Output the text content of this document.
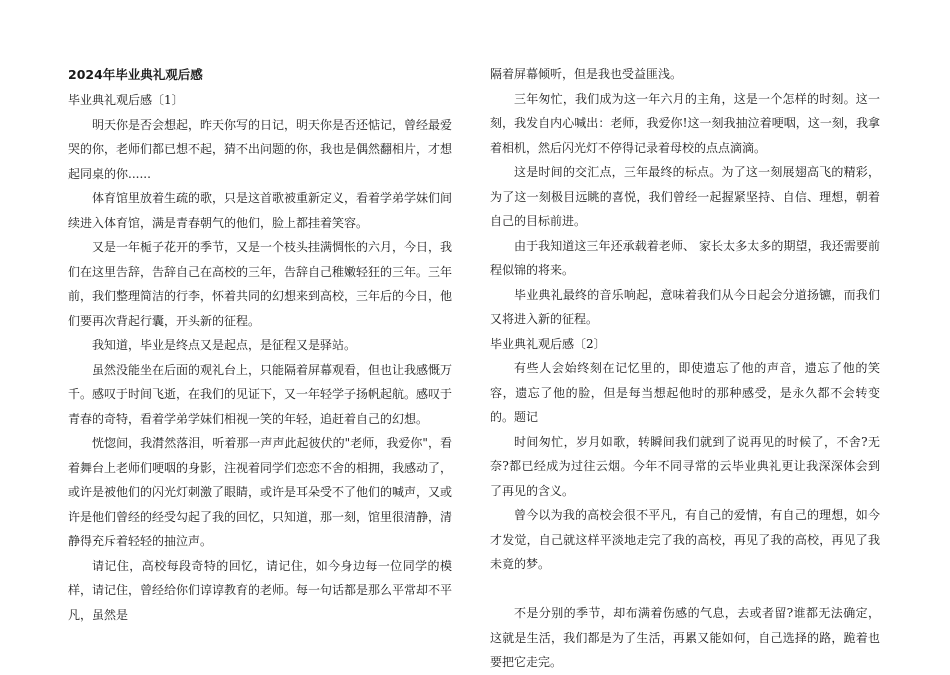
2024年毕业典礼观后感

毕业典礼观后感〔1〕

明天你是否会想起，昨天你写的日记，明天你是否还惦记，曾经最爱哭的你，老师们都已想不起，猜不出问题的你，我也是偶然翻相片，才想起同桌的你......

体育馆里放着生疏的歌，只是这首歌被重新定义，看着学弟学妹们间续进入体育馆，满是青春朝气的他们，脸上都挂着笑容。

又是一年栀子花开的季节，又是一个枝头挂满惆怅的六月，今日，我们在这里告辞，告辞自己在高校的三年，告辞自己稚嫩轻狂的三年。三年前，我们整理简洁的行李，怀着共同的幻想来到高校，三年后的今日，他们要再次背起行囊，开头新的征程。

我知道，毕业是终点又是起点，是征程又是驿站。

虽然没能坐在后面的观礼台上，只能隔着屏幕观看，但也让我感慨万千。感叹于时间飞逝，在我们的见证下，又一年轻学子扬帆起航。感叹于青春的奇特，看着学弟学妹们相视一笑的年轻，追赶着自己的幻想。

恍惚间，我潸然落泪，听着那一声声此起彼伏的"老师，我爱你"，看着舞台上老师们哽咽的身影，注视着同学们恋恋不舍的相拥，我感动了，或许是被他们的闪光灯刺激了眼睛，或许是耳朵受不了他们的喊声，又或许是他们曾经的经受勾起了我的回忆，只知道，那一刻，馆里很清静，清静得充斥着轻轻的抽泣声。

请记住，高校每段奇特的回忆，请记住，如今身边每一位同学的模样，请记住，曾经给你们谆谆教育的老师。每一句话都是那么平常却不平凡，虽然是

隔着屏幕倾听，但是我也受益匪浅。

三年匆忙，我们成为这一年六月的主角，这是一个怎样的时刻。这一刻，我发自内心喊出：老师，我爱你!这一刻我抽泣着哽咽，这一刻，我拿着相机，然后闪光灯不停得记录着母校的点点滴滴。

这是时间的交汇点，三年最终的标点。为了这一刻展翅高飞的精彩，为了这一刻极目远眺的喜悦，我们曾经一起握紧坚持、自信、理想，朝着自己的目标前进。

由于我知道这三年还承载着老师、 家长太多太多的期望，我还需要前程似锦的将来。

毕业典礼最终的音乐响起，意味着我们从今日起会分道扬镳，而我们又将进入新的征程。

毕业典礼观后感〔2〕

有些人会始终刻在记忆里的，即使遗忘了他的声音，遗忘了他的笑容，遗忘了他的脸，但是每当想起他时的那种感受，是永久都不会转变的。题记

时间匆忙，岁月如歌，转瞬间我们就到了说再见的时候了，不舍?无奈?都已经成为过往云烟。今年不同寻常的云毕业典礼更让我深深体会到了再见的含义。

曾今以为我的高校会很不平凡，有自己的爱情，有自己的理想，如今才发觉，自己就这样平淡地走完了我的高校，再见了我的高校，再见了我未竟的梦。

不是分别的季节，却布满着伤感的气息，去或者留?谁都无法确定，这就是生活，我们都是为了生活，再累又能如何，自己选择的路，跪着也要把它走完。
